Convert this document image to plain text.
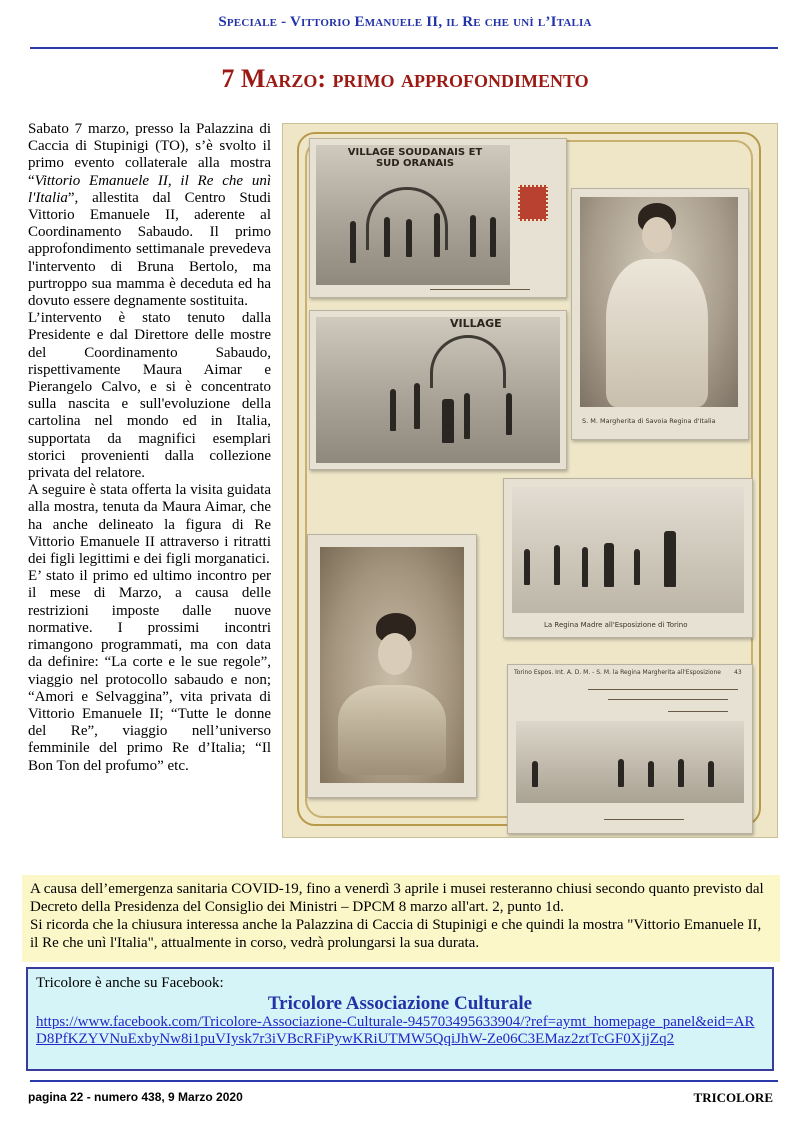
Speciale - Vittorio Emanuele II, il Re che unì l’Italia
7 Marzo: primo approfondimento

Sabato 7 marzo, presso la Palazzina di Caccia di Stupinigi (TO), s’è svolto il primo evento collaterale alla mostra “Vittorio Emanuele II, il Re che unì l'Italia”, allestita dal Centro Studi Vittorio Emanuele II, aderente al Coordinamento Sabaudo. Il primo approfondimento settimanale prevedeva l'intervento di Bruna Bertolo, ma purtroppo sua mamma è deceduta ed ha dovuto essere degnamente sostituita.

L’intervento è stato tenuto dalla Presidente e dal Direttore delle mostre del Coordinamento Sabaudo, rispettivamente Maura Aimar e Pierangelo Calvo, e si è concentrato sulla nascita e sull'evoluzione della cartolina nel mondo ed in Italia, supportata da magnifici esemplari storici provenienti dalla collezione privata del relatore.

A seguire è stata offerta la visita guidata alla mostra, tenuta da Maura Aimar, che ha anche delineato la figura di Re Vittorio Emanuele II attraverso i ritratti dei figli legittimi e dei figli morganatici.

E’ stato il primo ed ultimo incontro per il mese di Marzo, a causa delle restrizioni imposte dalle nuove normative. I prossimi incontri rimangono programmati, ma con data da definire: “La corte e le sue regole”, viaggio nel protocollo sabaudo e non; “Amori e Selvaggina”, vita privata di Vittorio Emanuele II; “Tutte le donne del Re”, viaggio nell’universo femminile del primo Re d’Italia; “Il Bon Ton del profumo” etc.

VILLAGE SOUDANAIS ET SUD ORANAIS
VILLAGE
S. M. Margherita di Savoia Regina d'Italia
La Regina Madre all'Esposizione di Torino
Torino Espos. Int. A. D. M. - S. M. la Regina Margherita all'Esposizione 43

A causa dell’emergenza sanitaria COVID-19, fino a venerdì 3 aprile i musei resteranno chiusi secondo quanto previsto dal Decreto della Presidenza del Consiglio dei Ministri – DPCM 8 marzo all'art. 2, punto 1d.

Si ricorda che la chiusura interessa anche la Palazzina di Caccia di Stupinigi e che quindi la mostra "Vittorio Emanuele II, il Re che unì l'Italia", attualmente in corso, vedrà prolungarsi la sua durata.

Tricolore è anche su Facebook:
Tricolore Associazione Culturale
https://www.facebook.com/Tricolore-Associazione-Culturale-945703495633904/?ref=aymt_homepage_panel&eid=ARD8PfKZYVNuExbyNw8i1puVIysk7r3iVBcRFiPywKRiUTMW5QqiJhW-Ze06C3EMaz2ztTcGF0XjjZq2
pagina 22 - numero 438, 9 Marzo 2020	TRICOLORE
